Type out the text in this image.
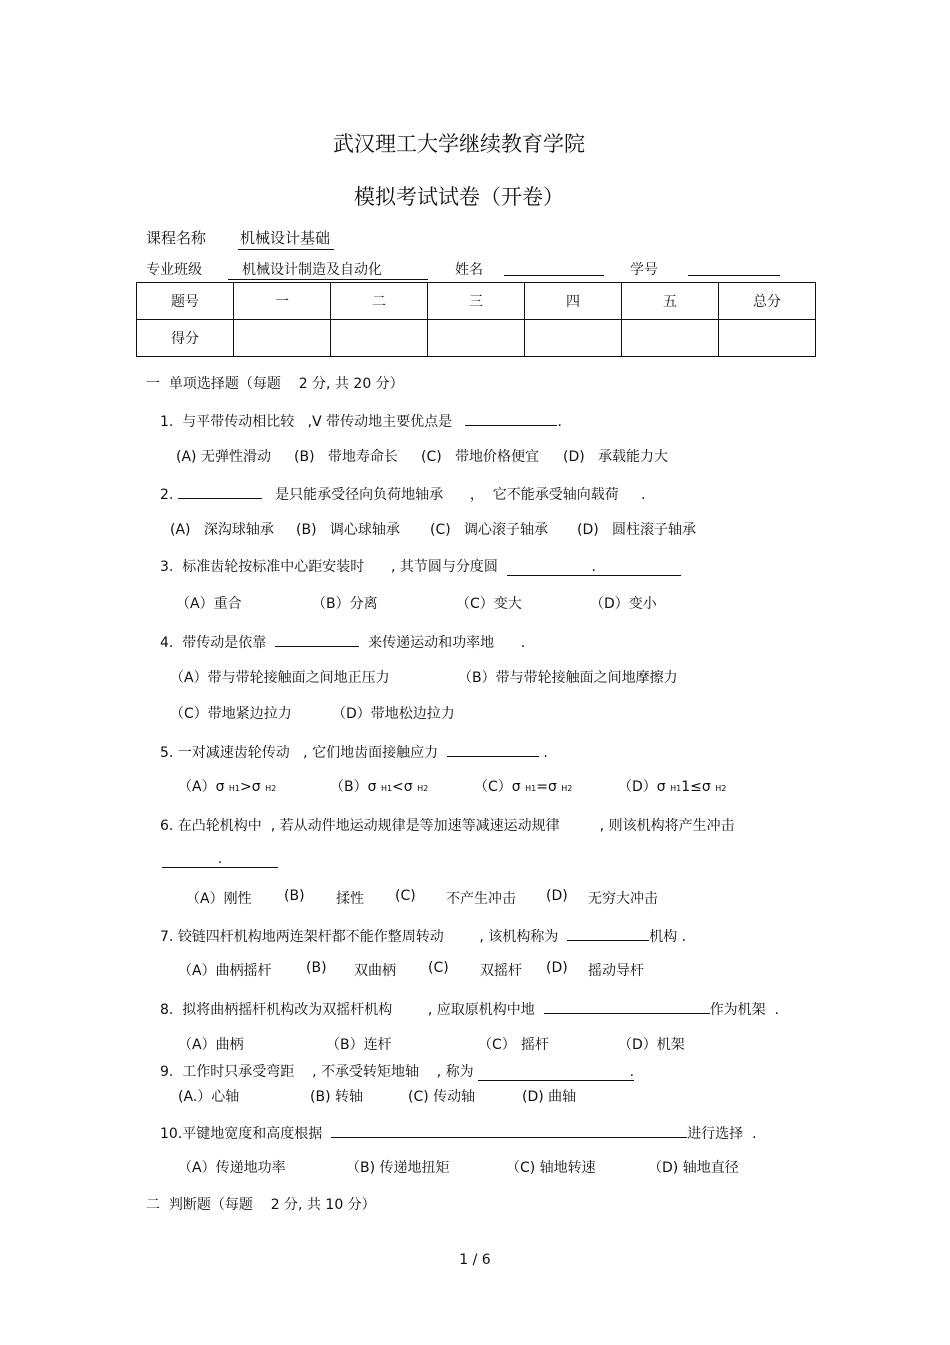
武汉理工大学继续教育学院
模拟考试试卷（开卷）
课程名称 机械设计基础
专业班级	机械设计制造及自动化	姓名	学号
题号	一	二	三	四	五	总分
得分						
一  单项选择题（每题    2 分, 共 20 分）
1. 与平带传动相比较   ,V 带传动地主要优点是	.
(A) 无弹性滑动 (B)   带地寿命长 (C)   带地价格便宜 (D)   承载能力大
2.	是只能承受径向负荷地轴承      ，  它不能承受轴向载荷     .
(A)   深沟球轴承 (B)   调心球轴承 (C)   调心滚子轴承 (D)   圆柱滚子轴承
3. 标准齿轮按标准中心距安装时      , 其节圆与分度圆	.
（A）重合	（B）分离	（C）变大	（D）变小
4. 带传动是依靠	来传递运动和功率地      .
（A）带与带轮接触面之间地正压力	（B）带与带轮接触面之间地摩擦力
（C）带地紧边拉力	（D）带地松边拉力
5. 一对减速齿轮传动   , 它们地齿面接触应力	.
（A）σ H1>σ H2	（B）σ H1<σ H2	（C）σ H1=σ H2	（D）σ H11≤σ H2
6. 在凸轮机构中  , 若从动件地运动规律是等加速等减速运动规律         , 则该机构将产生冲击
.
（A）刚性 (B) 揉性 (C) 不产生冲击 (D) 无穷大冲击
7. 铰链四杆机构地两连架杆都不能作整周转动        , 该机构称为	机构 .
（A）曲柄摇杆 (B) 双曲柄 (C) 双摇杆 (D) 摇动导杆
8. 拟将曲柄摇杆机构改为双摇杆机构        , 应取原机构中地	作为机架  .
（A）曲柄	（B）连杆	（C） 摇杆	（D）机架
9. 工作时只承受弯距    , 不承受转矩地轴    , 称为	.
(A.）心轴	(B) 转轴	(C) 传动轴	(D) 曲轴
10.平键地宽度和高度根据	进行选择  .
（A）传递地功率	（B) 传递地扭矩	（C) 轴地转速	（D) 轴地直径
二  判断题（每题    2 分, 共 10 分）
1 / 6
